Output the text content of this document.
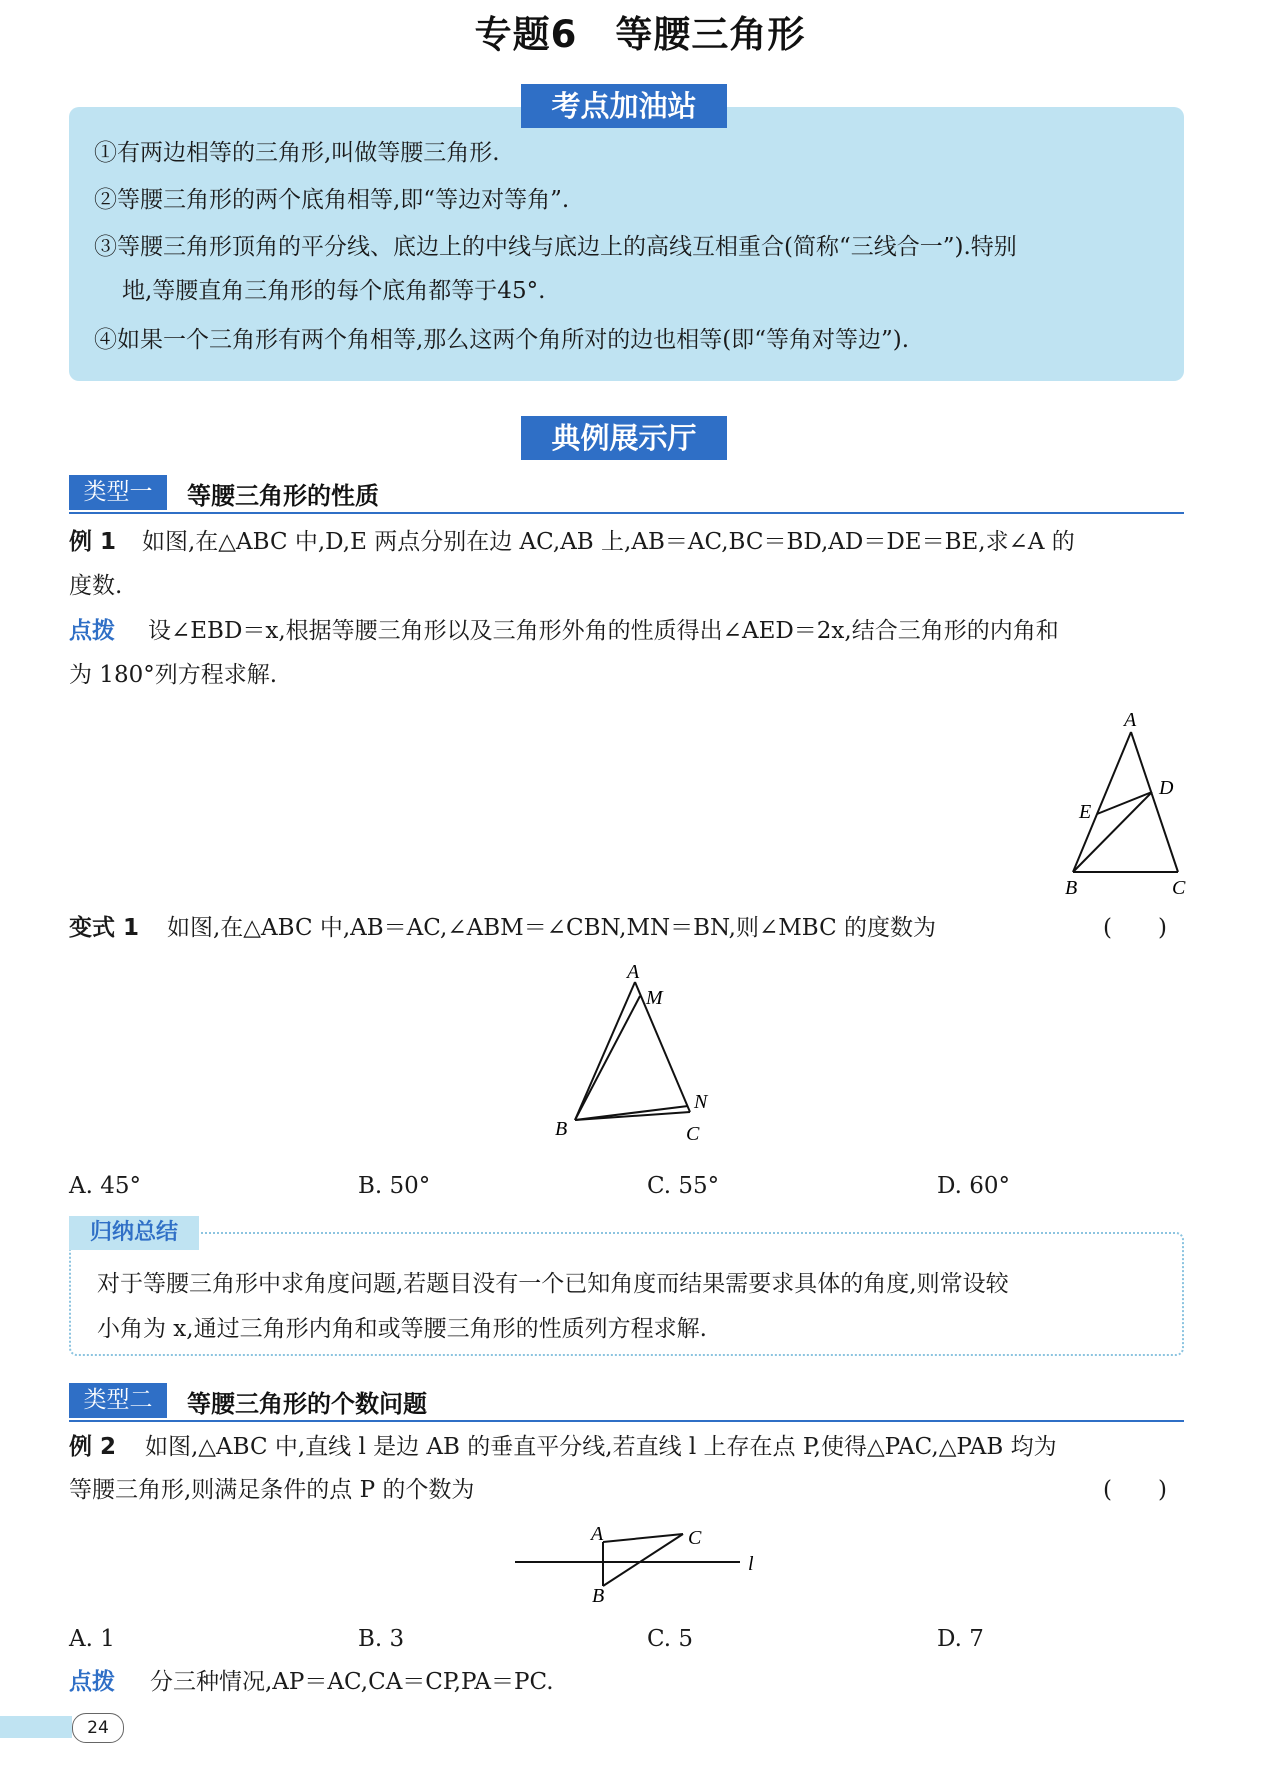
专题6　等腰三角形
考点加油站
①有两边相等的三角形,叫做等腰三角形.
②等腰三角形的两个底角相等,即“等边对等角”.
③等腰三角形顶角的平分线、底边上的中线与底边上的高线互相重合(简称“三线合一”).特别
地,等腰直角三角形的每个底角都等于45°.
④如果一个三角形有两个角相等,那么这两个角所对的边也相等(即“等角对等边”).
典例展示厅
类型一	等腰三角形的性质
例 1 如图,在△ABC 中,D,E 两点分别在边 AC,AB 上,AB＝AC,BC＝BD,AD＝DE＝BE,求∠A 的
度数.
点拨 设∠EBD＝x,根据等腰三角形以及三角形外角的性质得出∠AED＝2x,结合三角形的内角和
为 180°列方程求解.
A
D
E
B	C
变式 1 如图,在△ABC 中,AB＝AC,∠ABM＝∠CBN,MN＝BN,则∠MBC 的度数为	(　　)
A
M
N
B	C
A. 45°	B. 50°	C. 55°	D. 60°
归纳总结
对于等腰三角形中求角度问题,若题目没有一个已知角度而结果需要求具体的角度,则常设较
小角为 x,通过三角形内角和或等腰三角形的性质列方程求解.
类型二	等腰三角形的个数问题
例 2 如图,△ABC 中,直线 l 是边 AB 的垂直平分线,若直线 l 上存在点 P,使得△PAC,△PAB 均为
等腰三角形,则满足条件的点 P 的个数为	(　　)
A	C
B
l
A. 1	B. 3	C. 5	D. 7
点拨 分三种情况,AP＝AC,CA＝CP,PA＝PC.
24
